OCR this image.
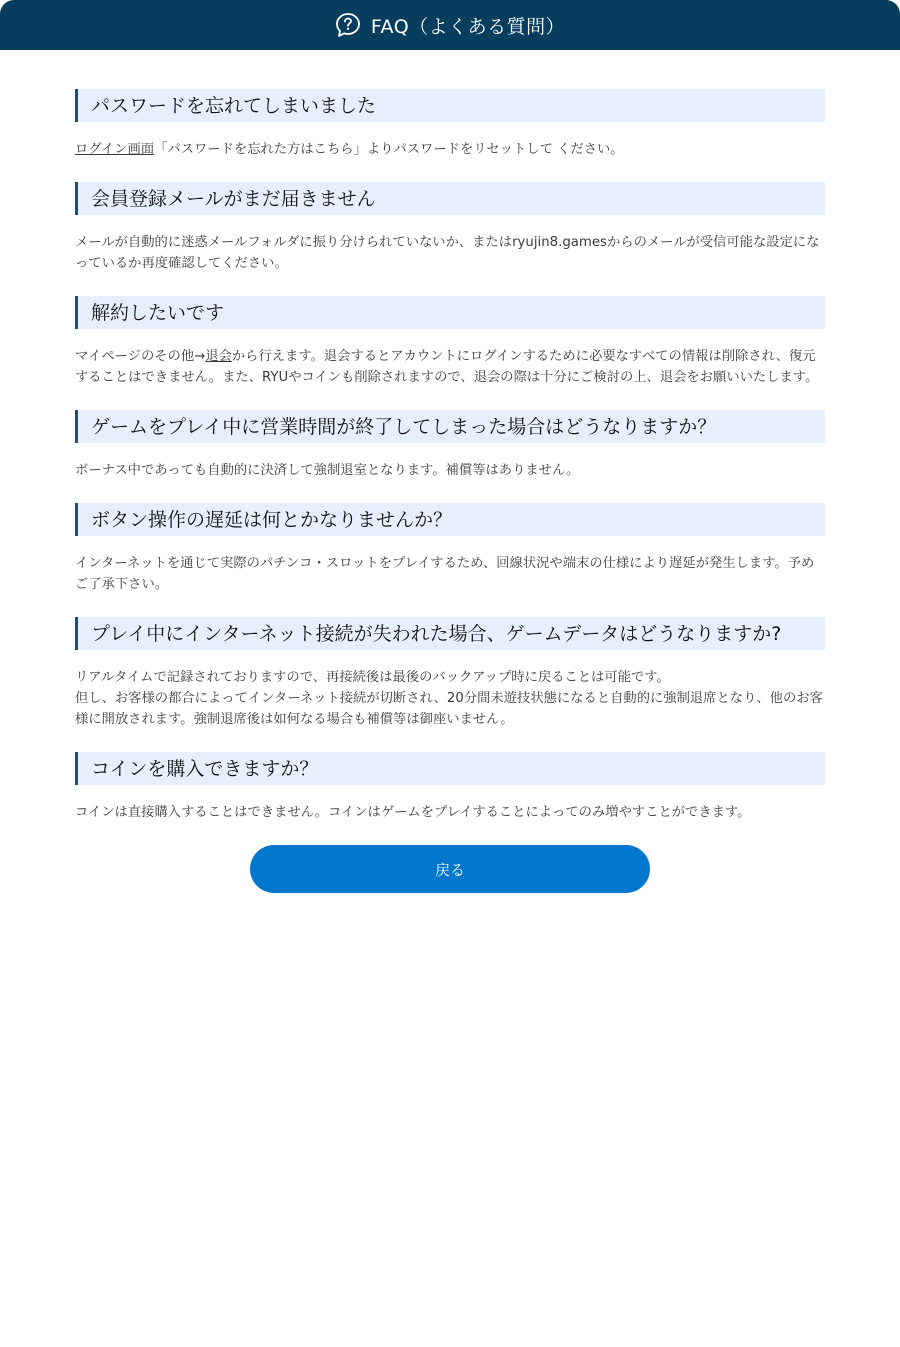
FAQ（よくある質問）
パスワードを忘れてしまいました
ログイン画面「パスワードを忘れた方はこちら」よりパスワードをリセットして ください。
会員登録メールがまだ届きません
メールが自動的に迷惑メールフォルダに振り分けられていないか、またはryujin8.gamesからのメールが受信可能な設定になっているか再度確認してください。
解約したいです
マイページのその他→退会から行えます。退会するとアカウントにログインするために必要なすべての情報は削除され、復元することはできません。また、RYUやコインも削除されますので、退会の際は十分にご検討の上、退会をお願いいたします。
ゲームをプレイ中に営業時間が終了してしまった場合はどうなりますか？
ボーナス中であっても自動的に決済して強制退室となります。補償等はありません。
ボタン操作の遅延は何とかなりませんか？
インターネットを通じて実際のパチンコ・スロットをプレイするため、回線状況や端末の仕様により遅延が発生します。予めご了承下さい。
プレイ中にインターネット接続が失われた場合、ゲームデータはどうなりますか?
リアルタイムで記録されておりますので、再接続後は最後のバックアップ時に戻ることは可能です。
但し、お客様の都合によってインターネット接続が切断され、20分間未遊技状態になると自動的に強制退席となり、他のお客様に開放されます。強制退席後は如何なる場合も補償等は御座いません。
コインを購入できますか？
コインは直接購入することはできません。コインはゲームをプレイすることによってのみ増やすことができます。
戻る
